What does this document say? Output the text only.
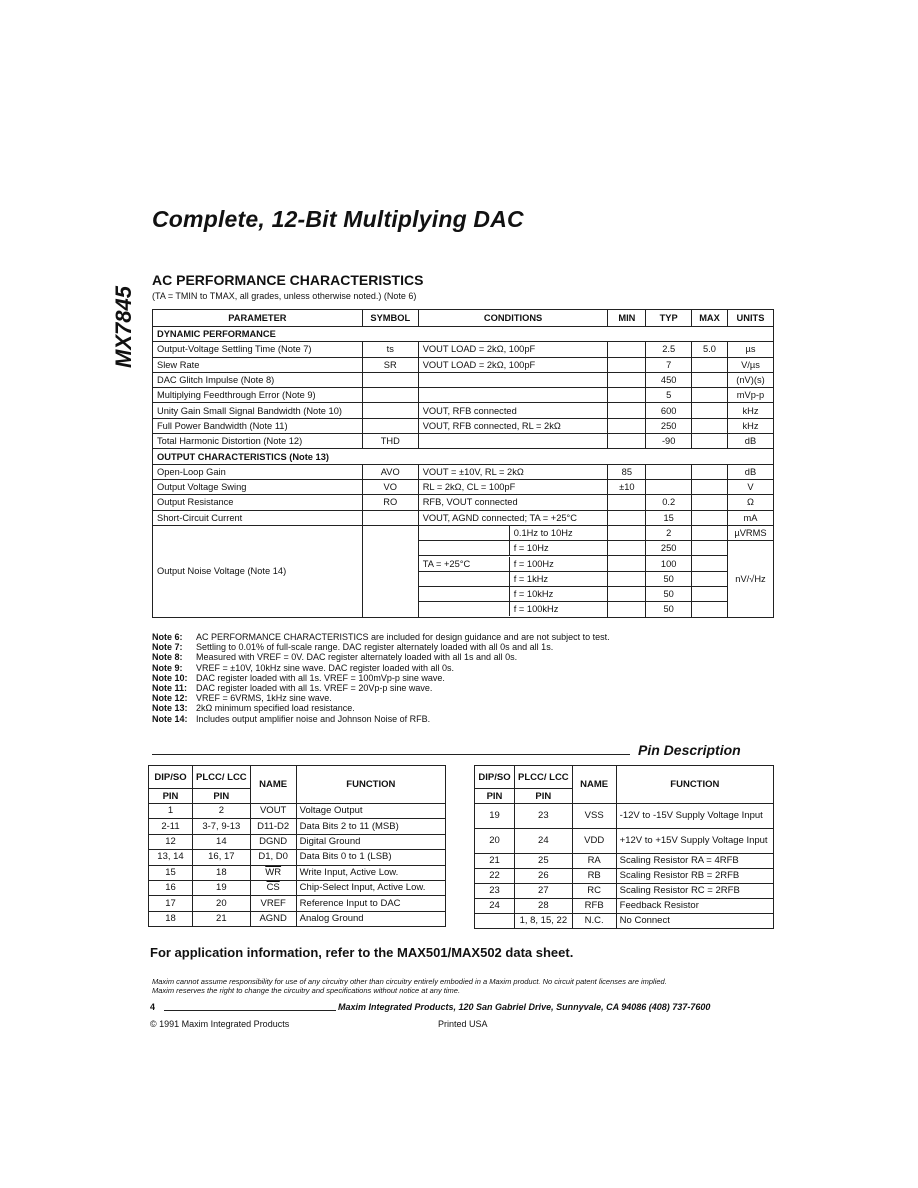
Complete, 12-Bit Multiplying DAC
MX7845
AC PERFORMANCE CHARACTERISTICS
(TA = TMIN to TMAX, all grades, unless otherwise noted.) (Note 6)
PARAMETER	SYMBOL	CONDITIONS	MIN	TYP	MAX	UNITS
DYNAMIC PERFORMANCE						
Output-Voltage Settling Time (Note 7)	ts	VOUT LOAD = 2kΩ, 100pF		2.5	5.0	µs
Slew Rate	SR	VOUT LOAD = 2kΩ, 100pF		7		V/µs
DAC Glitch Impulse (Note 8)				450		(nV)(s)
Multiplying Feedthrough Error (Note 9)				5		mVp-p
Unity Gain Small Signal Bandwidth (Note 10)		VOUT, RFB connected		600		kHz
Full Power Bandwidth (Note 11)		VOUT, RFB connected, RL = 2kΩ		250		kHz
Total Harmonic Distortion (Note 12)	THD			-90		dB
OUTPUT CHARACTERISTICS (Note 13)						
Open-Loop Gain	AVO	VOUT = ±10V, RL = 2kΩ	85			dB
Output Voltage Swing	VO	RL = 2kΩ, CL = 100pF	±10			V
Output Resistance	RO	RFB, VOUT connected		0.2		Ω
Short-Circuit Current		VOUT, AGND connected; TA = +25°C		15		mA
Output Noise Voltage (Note 14)		0.1Hz to 10Hz		2		µVRMS

		f = 10Hz		250		nV/√Hz

		TA = +25°C f = 100Hz		100		

		f = 1kHz		50		

		f = 10kHz		50		

		f = 100kHz		50		
Note 6: AC PERFORMANCE CHARACTERISTICS are included for design guidance and are not subject to test.
Note 7: Settling to 0.01% of full-scale range. DAC register alternately loaded with all 0s and all 1s.
Note 8: Measured with VREF = 0V. DAC register alternately loaded with all 1s and all 0s.
Note 9: VREF = ±10V, 10kHz sine wave. DAC register loaded with all 0s.
Note 10: DAC register loaded with all 1s. VREF = 100mVp-p sine wave.
Note 11: DAC register loaded with all 1s. VREF = 20Vp-p sine wave.
Note 12: VREF = 6VRMS, 1kHz sine wave.
Note 13: 2kΩ minimum specified load resistance.
Note 14: Includes output amplifier noise and Johnson Noise of RFB.
Pin Description
DIP/SO	PLCC/ LCC	NAME	FUNCTION
PIN	PIN		
1	2	VOUT	Voltage Output
2-11	3-7, 9-13	D11-D2	Data Bits 2 to 11 (MSB)
12	14	DGND	Digital Ground
13, 14	16, 17	D1, D0	Data Bits 0 to 1 (LSB)
15	18	$\overline{WR}$	Write Input, Active Low.
16	19	$\overline{CS}$	Chip-Select Input, Active Low.
17	20	VREF	Reference Input to DAC
18	21	AGND	Analog Ground
DIP/SO	PLCC/ LCC	NAME	FUNCTION
PIN	PIN		
19	23	VSS	-12V to -15V Supply Voltage Input
20	24	VDD	+12V to +15V Supply Voltage Input
21	25	RA	Scaling Resistor RA = 4RFB
22	26	RB	Scaling Resistor RB = 2RFB
23	27	RC	Scaling Resistor RC = 2RFB
24	28	RFB	Feedback Resistor
	1, 8, 15, 22	N.C.	No Connect
For application information, refer to the MAX501/MAX502 data sheet.
Maxim cannot assume responsibility for use of any circuitry other than circuitry entirely embodied in a Maxim product. No circuit patent licenses are implied.
Maxim reserves the right to change the circuitry and specifications without notice at any time.
4	Maxim Integrated Products, 120 San Gabriel Drive, Sunnyvale, CA 94086 (408) 737-7600
© 1991 Maxim Integrated Products	Printed USA
